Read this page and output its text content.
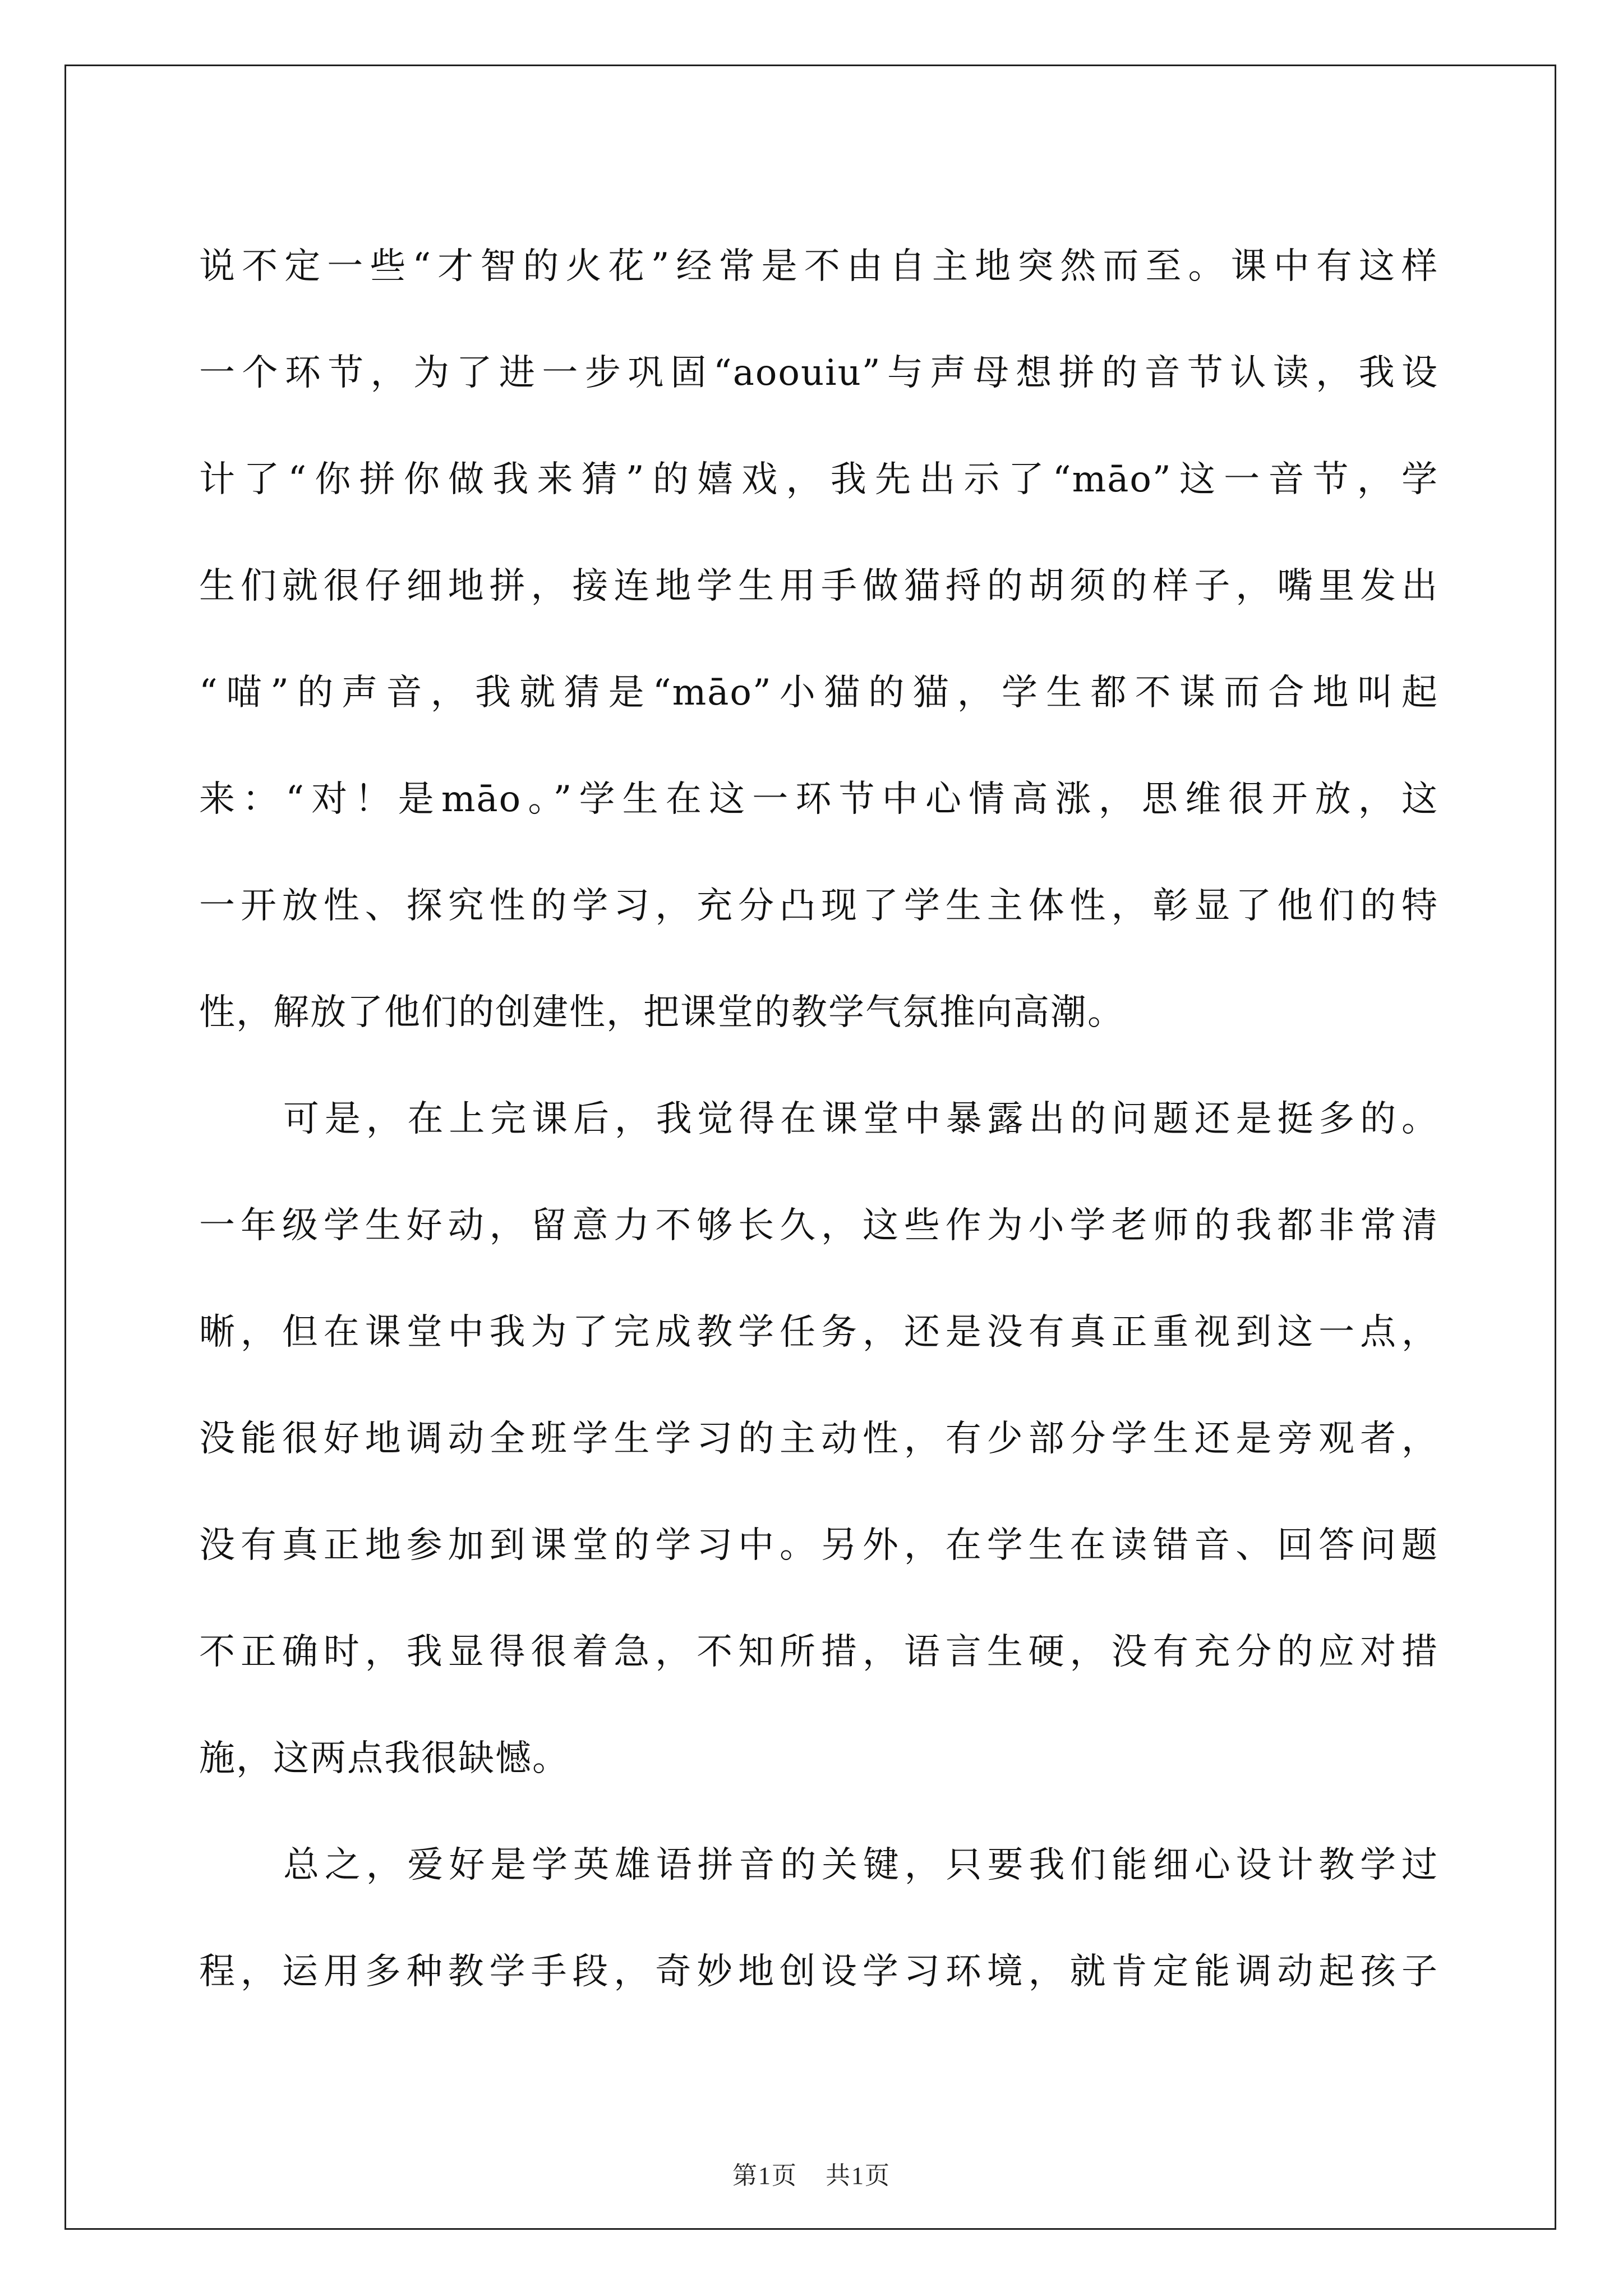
说不定一些“才智的火花”经常是不由自主地突然而至。课中有这样
一个环节，为了进一步巩固“aoouiu”与声母想拼的音节认读，我设
计了“你拼你做我来猜”的嬉戏，我先出示了“māo”这一音节，学
生们就很仔细地拼，接连地学生用手做猫捋的胡须的样子，嘴里发出
“喵”的声音，我就猜是“māo”小猫的猫，学生都不谋而合地叫起
来：“对！是māo。”学生在这一环节中心情高涨，思维很开放，这
一开放性、探究性的学习，充分凸现了学生主体性，彰显了他们的特
性，解放了他们的创建性，把课堂的教学气氛推向高潮。

可是，在上完课后，我觉得在课堂中暴露出的问题还是挺多的。
一年级学生好动，留意力不够长久，这些作为小学老师的我都非常清
晰，但在课堂中我为了完成教学任务，还是没有真正重视到这一点，
没能很好地调动全班学生学习的主动性，有少部分学生还是旁观者，
没有真正地参加到课堂的学习中。另外，在学生在读错音、回答问题
不正确时，我显得很着急，不知所措，语言生硬，没有充分的应对措
施，这两点我很缺憾。

总之，爱好是学英雄语拼音的关键，只要我们能细心设计教学过
程，运用多种教学手段，奇妙地创设学习环境，就肯定能调动起孩子

第1页 共1页
